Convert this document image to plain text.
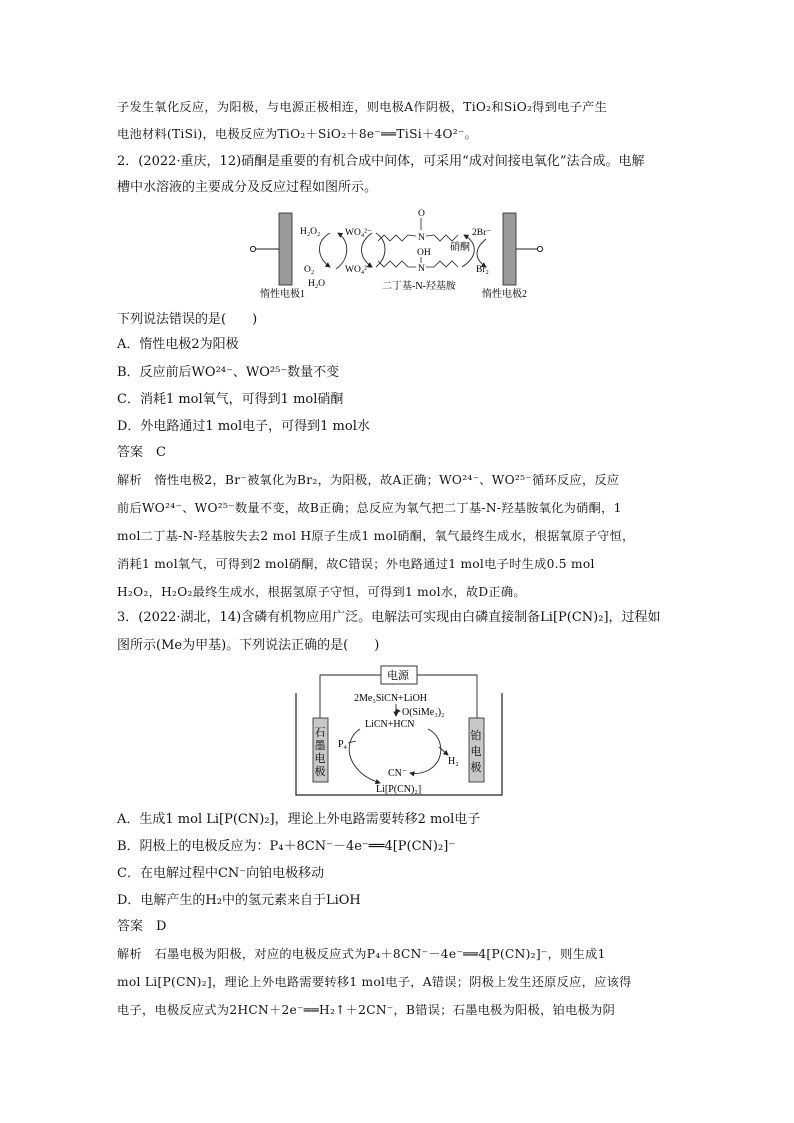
子发生氧化反应，为阳极，与电源正极相连，则电极A作阴极，TiO₂和SiO₂得到电子产生
电池材料(TiSi)，电极反应为TiO₂＋SiO₂＋8e⁻══TiSi＋4O²⁻。
2．(2022·重庆，12)硝酮是重要的有机合成中间体，可采用“成对间接电氧化”法合成。电解
槽中水溶液的主要成分及反应过程如图所示。
H₂O₂
O₂
H₂O
WO₄²⁻
WO₄²⁻
O
N
OH
N
硝酮
2Br⁻
Br₂
惰性电极1
二丁基-N-羟基胺
惰性电极2
下列说法错误的是(　　)
A．惰性电极2为阳极
B．反应前后WO²⁴⁻、WO²⁵⁻数量不变
C．消耗1 mol氧气，可得到1 mol硝酮
D．外电路通过1 mol电子，可得到1 mol水
答案　C
解析　惰性电极2，Br⁻被氧化为Br₂，为阳极，故A正确；WO²⁴⁻、WO²⁵⁻循环反应，反应
前后WO²⁴⁻、WO²⁵⁻数量不变，故B正确；总反应为氧气把二丁基-N-羟基胺氧化为硝酮，1
mol二丁基-N-羟基胺失去2 mol H原子生成1 mol硝酮，氧气最终生成水，根据氧原子守恒，
消耗1 mol氧气，可得到2 mol硝酮，故C错误；外电路通过1 mol电子时生成0.5 mol
H₂O₂，H₂O₂最终生成水，根据氢原子守恒，可得到1 mol水，故D正确。
3．(2022·湖北，14)含磷有机物应用广泛。电解法可实现由白磷直接制备Li[P(CN)₂]，过程如
图所示(Me为甲基)。下列说法正确的是(　　)
电源
石
墨
电
极
铂
电
极
2Me₃SiCN+LiOH
O(SiMe₃)₂
LiCN+HCN
P₄
H₂
CN⁻
Li[P(CN)₂]
A．生成1 mol Li[P(CN)₂]，理论上外电路需要转移2 mol电子
B．阴极上的电极反应为：P₄＋8CN⁻－4e⁻══4[P(CN)₂]⁻
C．在电解过程中CN⁻向铂电极移动
D．电解产生的H₂中的氢元素来自于LiOH
答案　D
解析　石墨电极为阳极，对应的电极反应式为P₄＋8CN⁻－4e⁻══4[P(CN)₂]⁻，则生成1
mol Li[P(CN)₂]，理论上外电路需要转移1 mol电子，A错误；阴极上发生还原反应，应该得
电子，电极反应式为2HCN＋2e⁻══H₂↑＋2CN⁻，B错误；石墨电极为阳极，铂电极为阴
